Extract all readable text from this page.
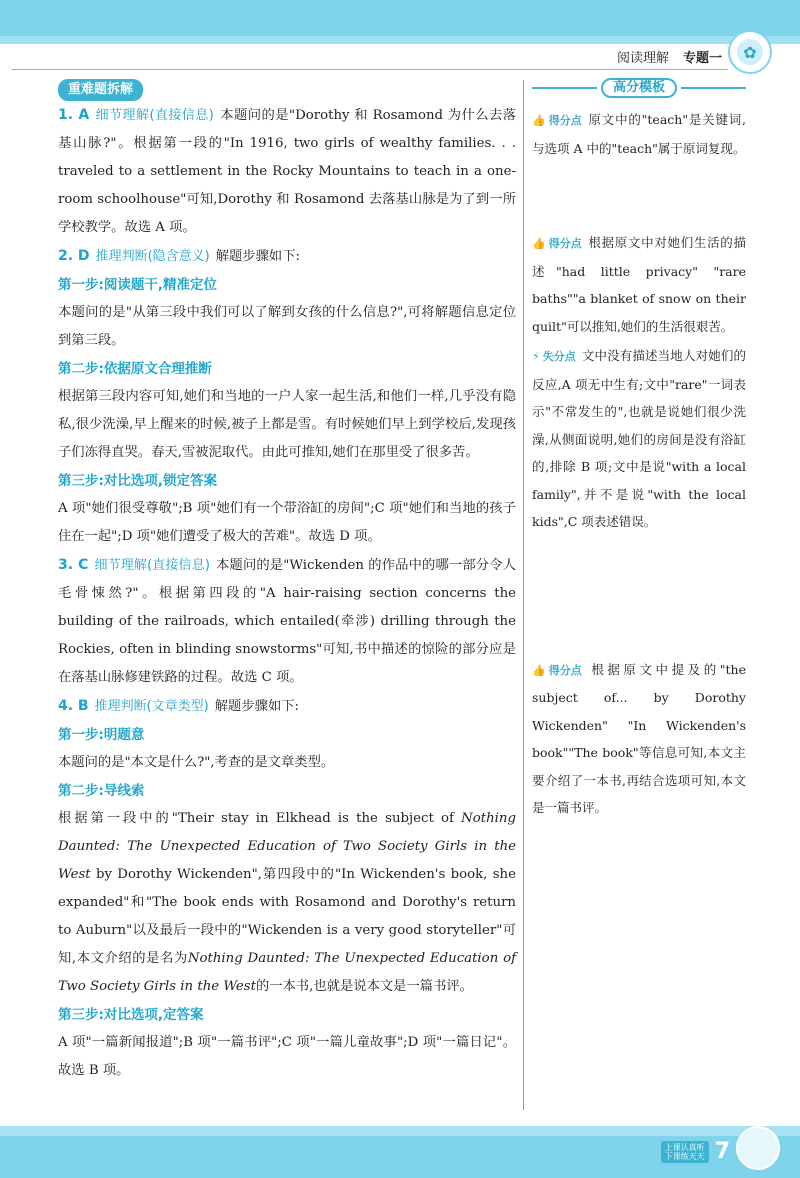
阅读理解 专题一	✿
重难题拆解

1. A 细节理解(直接信息) 本题问的是"Dorothy 和 Rosamond 为什么去落基山脉?"。根据第一段的"In 1916, two girls of wealthy families. . . traveled to a settlement in the Rocky Mountains to teach in a one-room schoolhouse"可知,Dorothy 和 Rosamond 去落基山脉是为了到一所学校教学。故选 A 项。

2. D 推理判断(隐含意义) 解题步骤如下:

第一步:阅读题干,精准定位

本题问的是"从第三段中我们可以了解到女孩的什么信息?",可将解题信息定位到第三段。

第二步:依据原文合理推断

根据第三段内容可知,她们和当地的一户人家一起生活,和他们一样,几乎没有隐私,很少洗澡,早上醒来的时候,被子上都是雪。有时候她们早上到学校后,发现孩子们冻得直哭。春天,雪被泥取代。由此可推知,她们在那里受了很多苦。

第三步:对比选项,锁定答案

A 项"她们很受尊敬";B 项"她们有一个带浴缸的房间";C 项"她们和当地的孩子住在一起";D 项"她们遭受了极大的苦难"。故选 D 项。

3. C 细节理解(直接信息) 本题问的是"Wickenden 的作品中的哪一部分令人毛骨悚然?"。根据第四段的"A hair-raising section concerns the building of the railroads, which entailed(牵涉) drilling through the Rockies, often in blinding snowstorms"可知,书中描述的惊险的部分应是在落基山脉修建铁路的过程。故选 C 项。

4. B 推理判断(文章类型) 解题步骤如下:

第一步:明题意

本题问的是"本文是什么?",考查的是文章类型。

第二步:导线索

根据第一段中的"Their stay in Elkhead is the subject of Nothing Daunted: The Unexpected Education of Two Society Girls in the West by Dorothy Wickenden",第四段中的"In Wickenden's book, she expanded"和"The book ends with Rosamond and Dorothy's return to Auburn"以及最后一段中的"Wickenden is a very good storyteller"可知,本文介绍的是名为Nothing Daunted: The Unexpected Education of Two Society Girls in the West的一本书,也就是说本文是一篇书评。

第三步:对比选项,定答案

A 项"一篇新闻报道";B 项"一篇书评";C 项"一篇儿童故事";D 项"一篇日记"。故选 B 项。

高分模板

👍 得分点 原文中的"teach"是关键词,与选项 A 中的"teach"属于原词复现。

👍 得分点 根据原文中对她们生活的描述"had little privacy" "rare baths""a blanket of snow on their quilt"可以推知,她们的生活很艰苦。

⚡ 失分点 文中没有描述当地人对她们的反应,A 项无中生有;文中"rare"一词表示"不常发生的",也就是说她们很少洗澡,从侧面说明,她们的房间是没有浴缸的,排除 B 项;文中是说"with a local family",并不是说"with the local kids",C 项表述错误。

👍 得分点 根据原文中提及的"the subject of... by Dorothy Wickenden" "In Wickenden's book""The book"等信息可知,本文主要介绍了一本书,再结合选项可知,本文是一篇书评。

上课认真听
下课练天天 7
